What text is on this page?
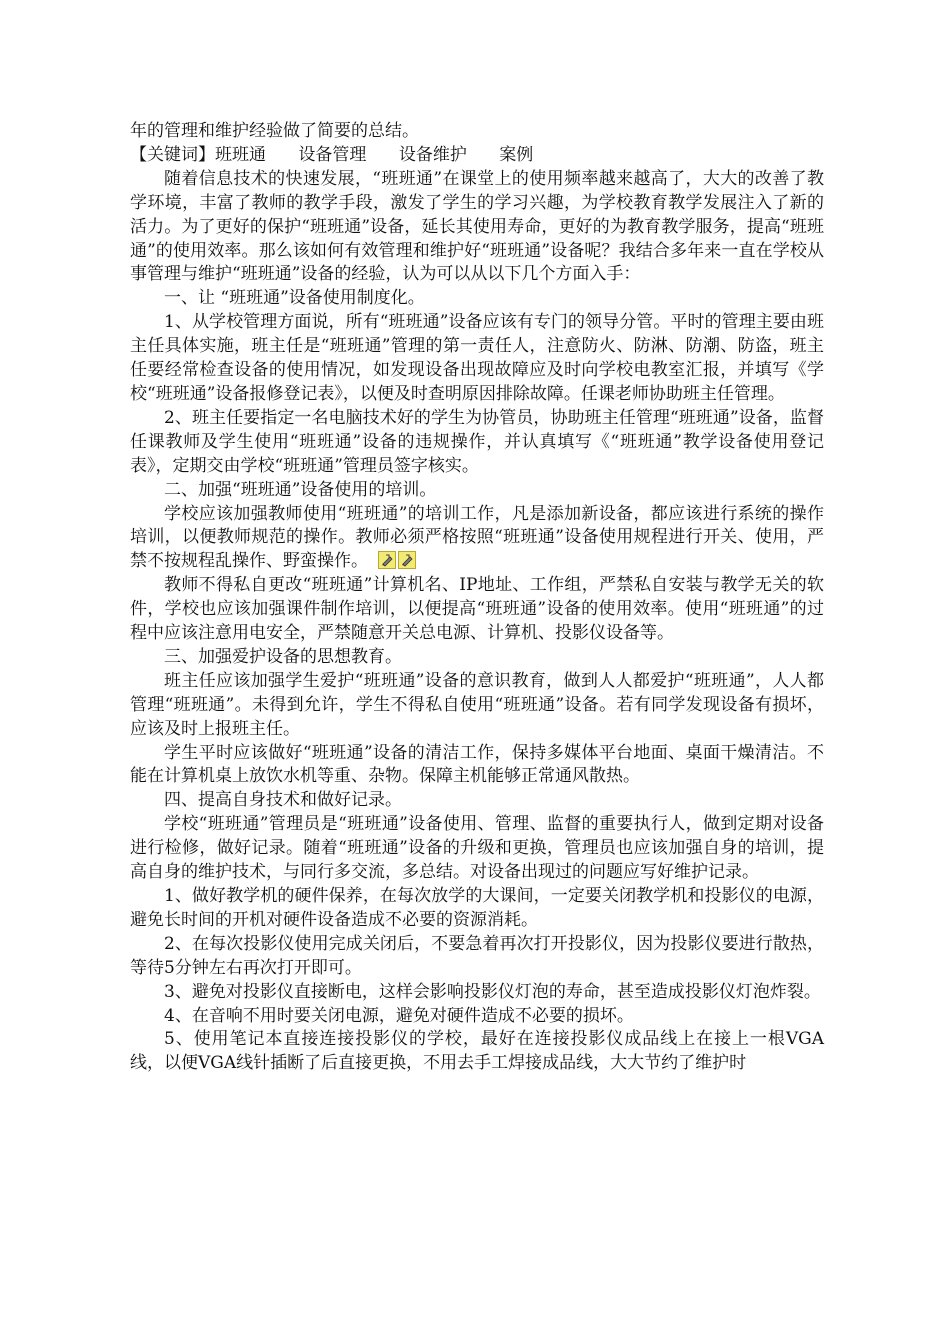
年的管理和维护经验做了简要的总结。

【关键词】班班通      设备管理      设备维护      案例

随着信息技术的快速发展，“班班通”在课堂上的使用频率越来越高了，大大的改善了教学环境，丰富了教师的教学手段，激发了学生的学习兴趣，为学校教育教学发展注入了新的活力。为了更好的保护“班班通”设备，延长其使用寿命，更好的为教育教学服务，提高“班班通”的使用效率。那么该如何有效管理和维护好“班班通”设备呢？我结合多年来一直在学校从事管理与维护“班班通”设备的经验，认为可以从以下几个方面入手：

一、让 “班班通”设备使用制度化。

1、从学校管理方面说，所有“班班通”设备应该有专门的领导分管。平时的管理主要由班主任具体实施，班主任是“班班通”管理的第一责任人，注意防火、防淋、防潮、防盗，班主任要经常检查设备的使用情况，如发现设备出现故障应及时向学校电教室汇报，并填写《学校“班班通”设备报修登记表》，以便及时查明原因排除故障。任课老师协助班主任管理。

2、班主任要指定一名电脑技术好的学生为协管员，协助班主任管理“班班通”设备，监督任课教师及学生使用“班班通”设备的违规操作，并认真填写《“班班通”教学设备使用登记表》，定期交由学校“班班通”管理员签字核实。

二、加强“班班通”设备使用的培训。

学校应该加强教师使用“班班通”的培训工作，凡是添加新设备，都应该进行系统的操作培训，以便教师规范的操作。教师必须严格按照“班班通”设备使用规程进行开关、使用，严禁不按规程乱操作、野蛮操作。

教师不得私自更改“班班通”计算机名、IP地址、工作组，严禁私自安装与教学无关的软件，学校也应该加强课件制作培训，以便提高“班班通”设备的使用效率。使用“班班通”的过程中应该注意用电安全，严禁随意开关总电源、计算机、投影仪设备等。

三、加强爱护设备的思想教育。

班主任应该加强学生爱护“班班通”设备的意识教育，做到人人都爱护“班班通”，人人都管理“班班通”。未得到允许，学生不得私自使用“班班通”设备。若有同学发现设备有损坏，应该及时上报班主任。

学生平时应该做好“班班通”设备的清洁工作，保持多媒体平台地面、桌面干燥清洁。不能在计算机桌上放饮水机等重、杂物。保障主机能够正常通风散热。

四、提高自身技术和做好记录。

学校“班班通”管理员是“班班通”设备使用、管理、监督的重要执行人，做到定期对设备进行检修，做好记录。随着“班班通”设备的升级和更换，管理员也应该加强自身的培训，提高自身的维护技术，与同行多交流，多总结。对设备出现过的问题应写好维护记录。

1、做好教学机的硬件保养，在每次放学的大课间，一定要关闭教学机和投影仪的电源，避免长时间的开机对硬件设备造成不必要的资源消耗。

2、在每次投影仪使用完成关闭后，不要急着再次打开投影仪，因为投影仪要进行散热，等待5分钟左右再次打开即可。

3、避免对投影仪直接断电，这样会影响投影仪灯泡的寿命，甚至造成投影仪灯泡炸裂。

4、在音响不用时要关闭电源，避免对硬件造成不必要的损坏。

5、使用笔记本直接连接投影仪的学校，最好在连接投影仪成品线上在接上一根VGA线，以便VGA线针插断了后直接更换，不用去手工焊接成品线，大大节约了维护时
